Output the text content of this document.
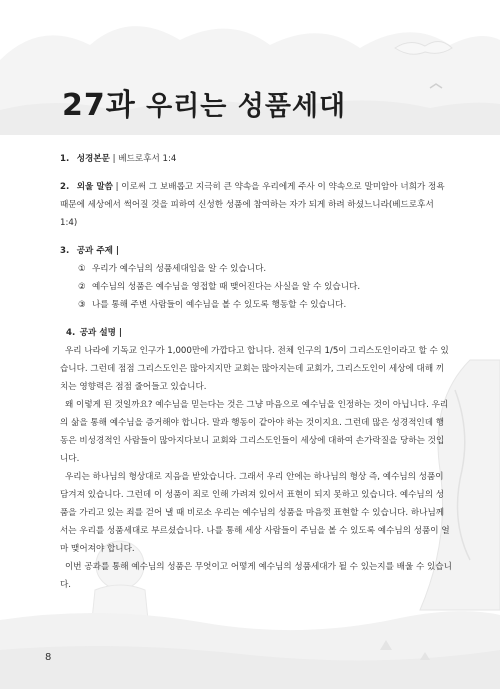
27과 우리는 성품세대

1. 성경본문 | 베드로후서 1:4

2. 외울 말씀 | 이로써 그 보배롭고 지극히 큰 약속을 우리에게 주사 이 약속으로 말미암아 너희가 정욕 때문에 세상에서 썩어질 것을 피하여 신성한 성품에 참여하는 자가 되게 하려 하셨느니라(베드로후서 1:4)

3. 공과 주제 |

① 우리가 예수님의 성품세대임을 알 수 있습니다.
② 예수님의 성품은 예수님을 영접할 때 맺어진다는 사실을 알 수 있습니다.
③ 나를 통해 주변 사람들이 예수님을 볼 수 있도록 행동할 수 있습니다.

4. 공과 설명 |

우리 나라에 기독교 인구가 1,000만에 가깝다고 합니다. 전체 인구의 1/5이 그리스도인이라고 할 수 있습니다. 그런데 점점 그리스도인은 많아지지만 교회는 많아지는데 교회가, 그리스도인이 세상에 대해 끼치는 영향력은 점점 줄어들고 있습니다.

왜 이렇게 된 것일까요? 예수님을 믿는다는 것은 그냥 마음으로 예수님을 인정하는 것이 아닙니다. 우리의 삶을 통해 예수님을 증거해야 합니다. 말과 행동이 같아야 하는 것이지요. 그런데 많은 성경적인데 행동은 비성경적인 사람들이 많아지다보니 교회와 그리스도인들이 세상에 대하여 손가락질을 당하는 것입니다.

우리는 하나님의 형상대로 지음을 받았습니다. 그래서 우리 안에는 하나님의 형상 즉, 예수님의 성품이 담겨져 있습니다. 그런데 이 성품이 죄로 인해 가려져 있어서 표현이 되지 못하고 있습니다. 예수님의 성품을 가리고 있는 죄를 걷어 낼 때 비로소 우리는 예수님의 성품을 마음껏 표현할 수 있습니다. 하나님께서는 우리를 성품세대로 부르셨습니다. 나를 통해 세상 사람들이 주님을 볼 수 있도록 예수님의 성품이 얼마 맺어져야 합니다.

이번 공과를 통해 예수님의 성품은 무엇이고 어떻게 예수님의 성품세대가 될 수 있는지를 배울 수 있습니다.

8
